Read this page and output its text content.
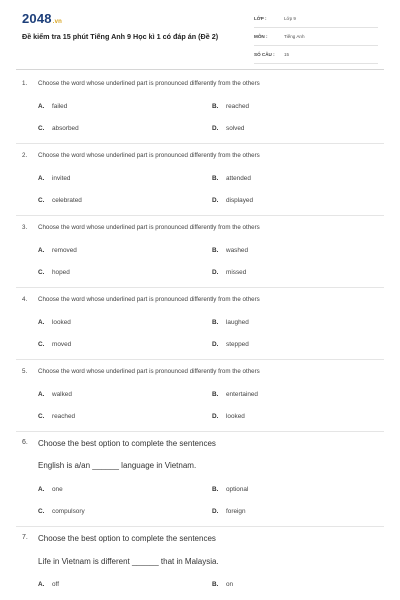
2048.vn
Đề kiểm tra 15 phút Tiếng Anh 9 Học kì 1 có đáp án (Đề 2)
LỚP :	Lớp 9
MÔN :	Tiếng Anh
SỐ CÂU : 15
1. Choose the word whose underlined part is pronounced differently from the others
A. failed	B. reached
C. absorbed	D. solved
2. Choose the word whose underlined part is pronounced differently from the others
A. invited	B. attended
C. celebrated	D. displayed
3. Choose the word whose underlined part is pronounced differently from the others
A. removed	B. washed
C. hoped	D. missed
4. Choose the word whose underlined part is pronounced differently from the others
A. looked	B. laughed
C. moved	D. stepped
5. Choose the word whose underlined part is pronounced differently from the others
A. walked	B. entertained
C. reached	D. looked
6. Choose the best option to complete the sentences
English is a/an ______ language in Vietnam.
A. one	B. optional
C. compulsory	D. foreign
7. Choose the best option to complete the sentences
Life in Vietnam is different ______ that in Malaysia.
A. off	B. on
